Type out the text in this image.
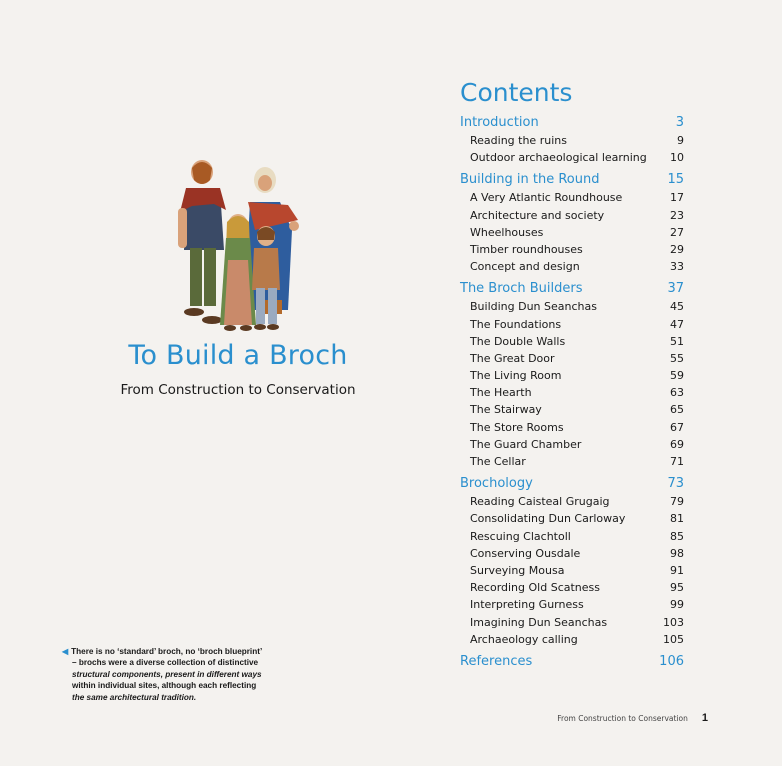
To Build a Broch
From Construction to Conservation
◀ There is no ‘standard’ broch, no ‘broch blueprint’
– brochs were a diverse collection of distinctive
structural components, present in different ways
within individual sites, although each reflecting
the same architectural tradition.
Contents
Introduction	3
Reading the ruins	9
Outdoor archaeological learning 10
Building in the Round	15
A Very Atlantic Roundhouse	17
Architecture and society	23
Wheelhouses	27
Timber roundhouses	29
Concept and design	33
The Broch Builders	37
Building Dun Seanchas	45
The Foundations	47
The Double Walls	51
The Great Door	55
The Living Room	59
The Hearth	63
The Stairway	65
The Store Rooms	67
The Guard Chamber	69
The Cellar	71
Brochology	73
Reading Caisteal Grugaig	79
Consolidating Dun Carloway	81
Rescuing Clachtoll	85
Conserving Ousdale	98
Surveying Mousa	91
Recording Old Scatness	95
Interpreting Gurness	99
Imagining Dun Seanchas	103
Archaeology calling	105
References	106
From Construction to Conservation 1
